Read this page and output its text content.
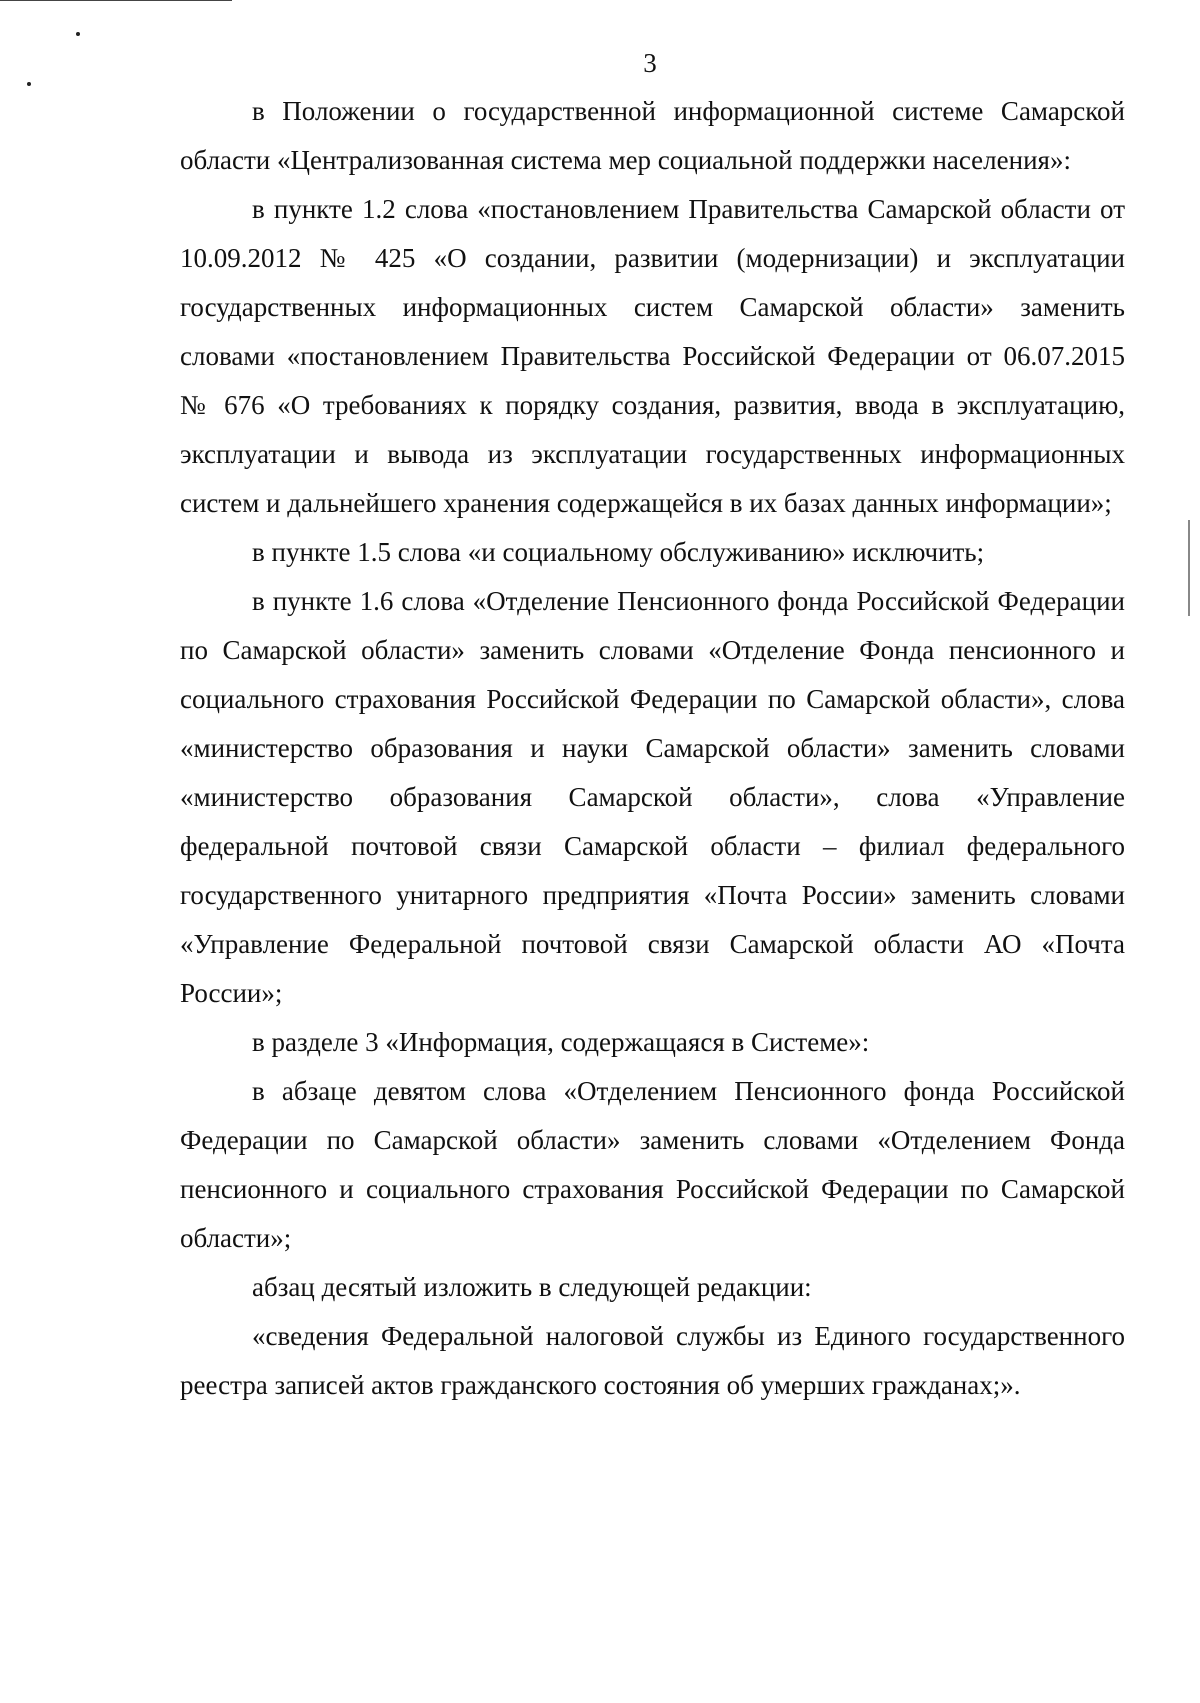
3

в Положении о государственной информационной системе Самарской области «Централизованная система мер социальной поддержки населения»:

в пункте 1.2 слова «постановлением Правительства Самарской области от 10.09.2012 № 425 «О создании, развитии (модернизации) и эксплуатации государственных информационных систем Самарской области» заменить словами «постановлением Правительства Российской Федерации от 06.07.2015 № 676 «О требованиях к порядку создания, развития, ввода в эксплуатацию, эксплуатации и вывода из эксплуатации государственных информационных систем и дальнейшего хранения содержащейся в их базах данных информации»;

в пункте 1.5 слова «и социальному обслуживанию» исключить;

в пункте 1.6 слова «Отделение Пенсионного фонда Российской Федерации по Самарской области» заменить словами «Отделение Фонда пенсионного и социального страхования Российской Федерации по Самарской области», слова «министерство образования и науки Самарской области» заменить словами «министерство образования Самарской области», слова «Управление федеральной почтовой связи Самарской области – филиал федерального государственного унитарного предприятия «Почта России» заменить словами «Управление Федеральной почтовой связи Самарской области АО «Почта России»;

в разделе 3 «Информация, содержащаяся в Системе»:

в абзаце девятом слова «Отделением Пенсионного фонда Российской Федерации по Самарской области» заменить словами «Отделением Фонда пенсионного и социального страхования Российской Федерации по Самарской области»;

абзац десятый изложить в следующей редакции:

«сведения Федеральной налоговой службы из Единого государственного реестра записей актов гражданского состояния об умерших гражданах;».
